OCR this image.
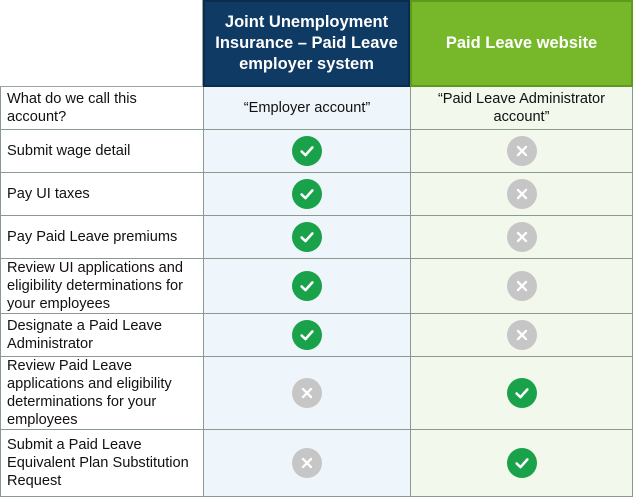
Joint Unemployment Insurance – Paid Leave employer system
Paid Leave website
What do we call this account?
“Employer account”
“Paid Leave Administrator account”
Submit wage detail
Pay UI taxes
Pay Paid Leave premiums
Review UI applications and eligibility determinations for your employees
Designate a Paid Leave Administrator
Review Paid Leave applications and eligibility determinations for your employees
Submit a Paid Leave Equivalent Plan Substitution Request
